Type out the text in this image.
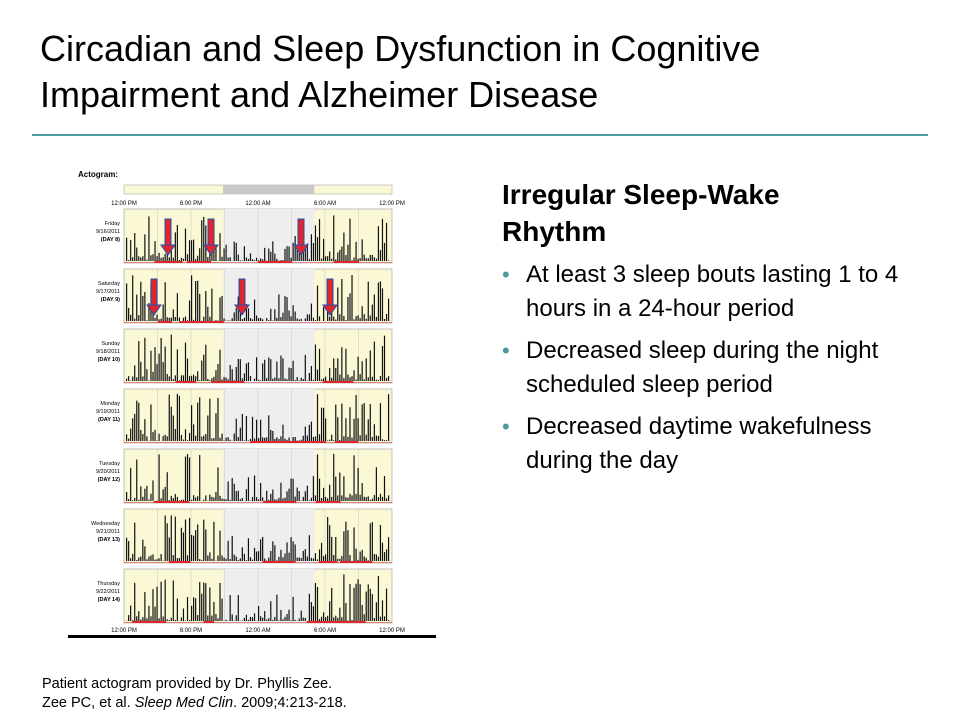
Circadian and Sleep Dysfunction in Cognitive
Impairment and Alzheimer Disease
Actogram:
12:00 PM
12:00 PM
6:00 PM
6:00 PM
12:00 AM
12:00 AM
6:00 AM
6:00 AM
12:00 PM
12:00 PM
Friday
9/16/2011
(DAY 8)
Saturday
9/17/2011
(DAY 9)
Sunday
9/18/2011
(DAY 10)
Monday
9/19/2011
(DAY 11)
Tuesday
9/20/2011
(DAY 12)
Wednesday
9/21/2011
(DAY 13)
Thursday
9/22/2011
(DAY 14)
Irregular Sleep-Wake
Rhythm
• At least 3 sleep bouts lasting 1 to 4 hours in a 24-hour period
• Decreased sleep during the night scheduled sleep period
• Decreased daytime wakefulness during the day
Patient actogram provided by Dr. Phyllis Zee.
Zee PC, et al. Sleep Med Clin. 2009;4:213-218.
